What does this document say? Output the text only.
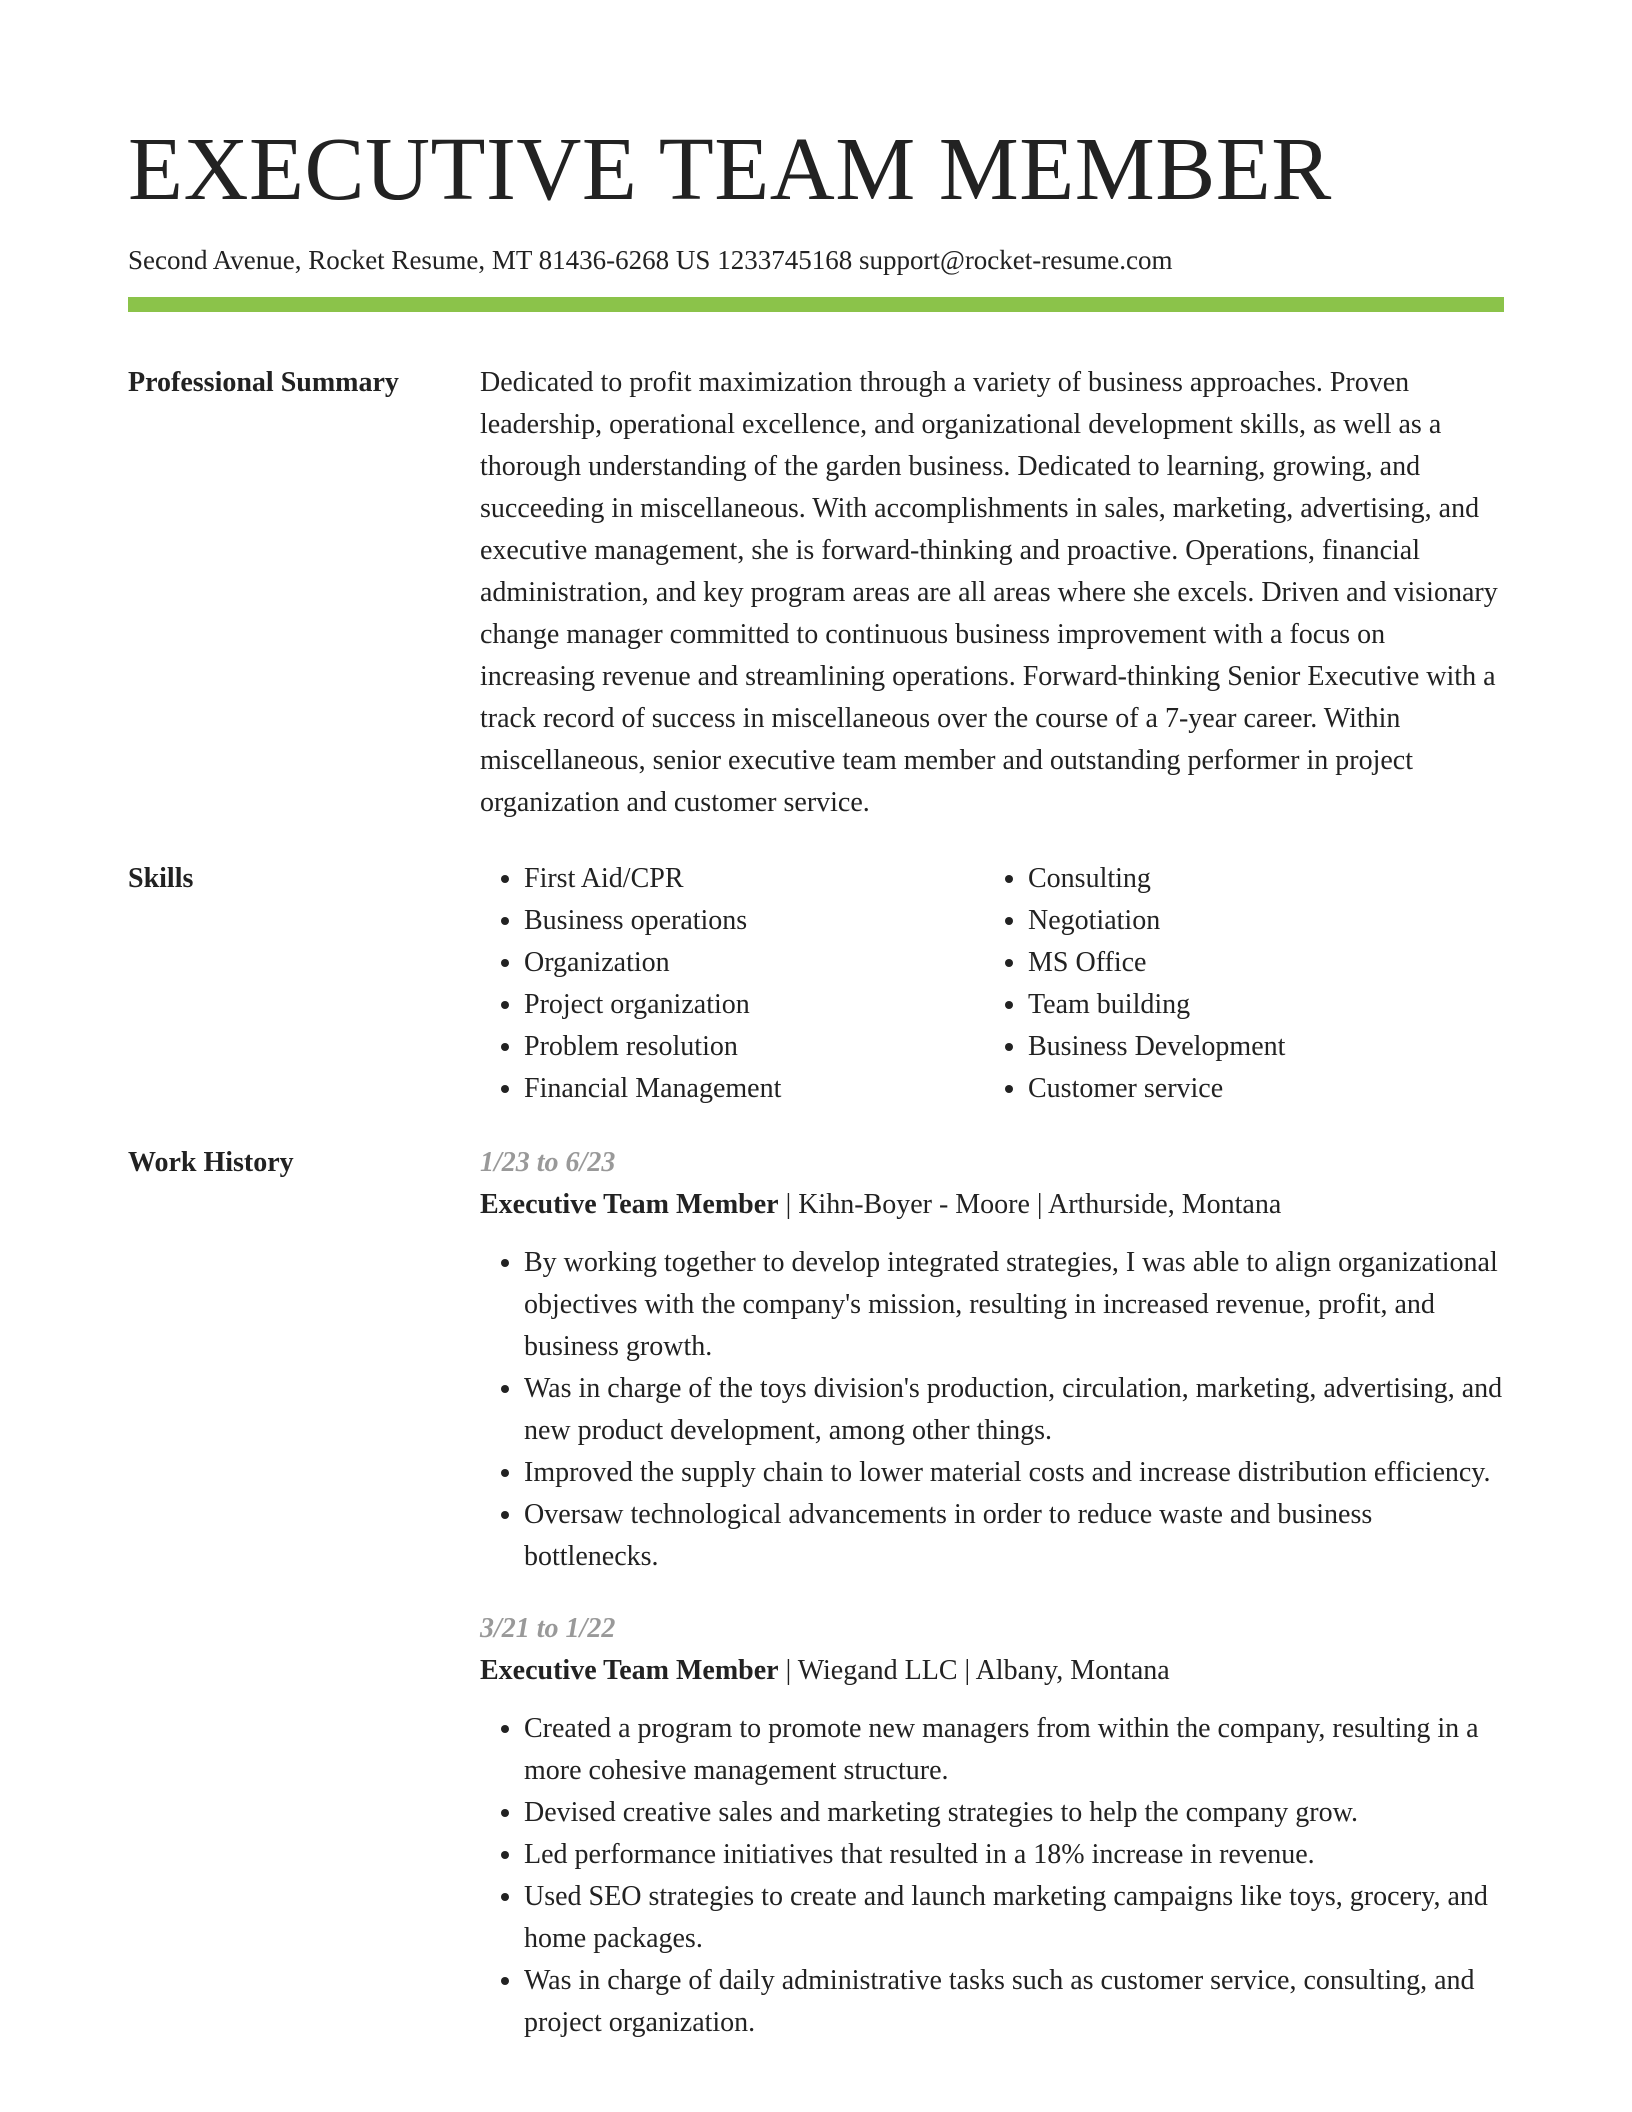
EXECUTIVE TEAM MEMBER
Second Avenue, Rocket Resume, MT 81436-6268 US 1233745168 support@rocket-resume.com
Professional Summary	Dedicated to profit maximization through a variety of business approaches. Proven leadership, operational excellence, and organizational development skills, as well as a thorough understanding of the garden business. Dedicated to learning, growing, and succeeding in miscellaneous. With accomplishments in sales, marketing, advertising, and executive management, she is forward-thinking and proactive. Operations, financial administration, and key program areas are all areas where she excels. Driven and visionary change manager committed to continuous business improvement with a focus on increasing revenue and streamlining operations. Forward-thinking Senior Executive with a track record of success in miscellaneous over the course of a 7-year career. Within miscellaneous, senior executive team member and outstanding performer in project organization and customer service.

Skills
•	First Aid/CPR
• Business operations
• Organization
• Project organization
• Problem resolution
• Financial Management
• Consulting
• Negotiation
• MS Office
• Team building
• Business Development
• Customer service
Work History	1/23 to 6/23
Executive Team Member | Kihn-Boyer - Moore | Arthurside, Montana
• By working together to develop integrated strategies, I was able to align organizational objectives with the company's mission, resulting in increased revenue, profit, and business growth.
• Was in charge of the toys division's production, circulation, marketing, advertising, and new product development, among other things.
• Improved the supply chain to lower material costs and increase distribution efficiency.
• Oversaw technological advancements in order to reduce waste and business bottlenecks.
3/21 to 1/22
Executive Team Member | Wiegand LLC | Albany, Montana
• Created a program to promote new managers from within the company, resulting in a more cohesive management structure.
• Devised creative sales and marketing strategies to help the company grow.
• Led performance initiatives that resulted in a 18% increase in revenue.
• Used SEO strategies to create and launch marketing campaigns like toys, grocery, and home packages.
• Was in charge of daily administrative tasks such as customer service, consulting, and project organization.
